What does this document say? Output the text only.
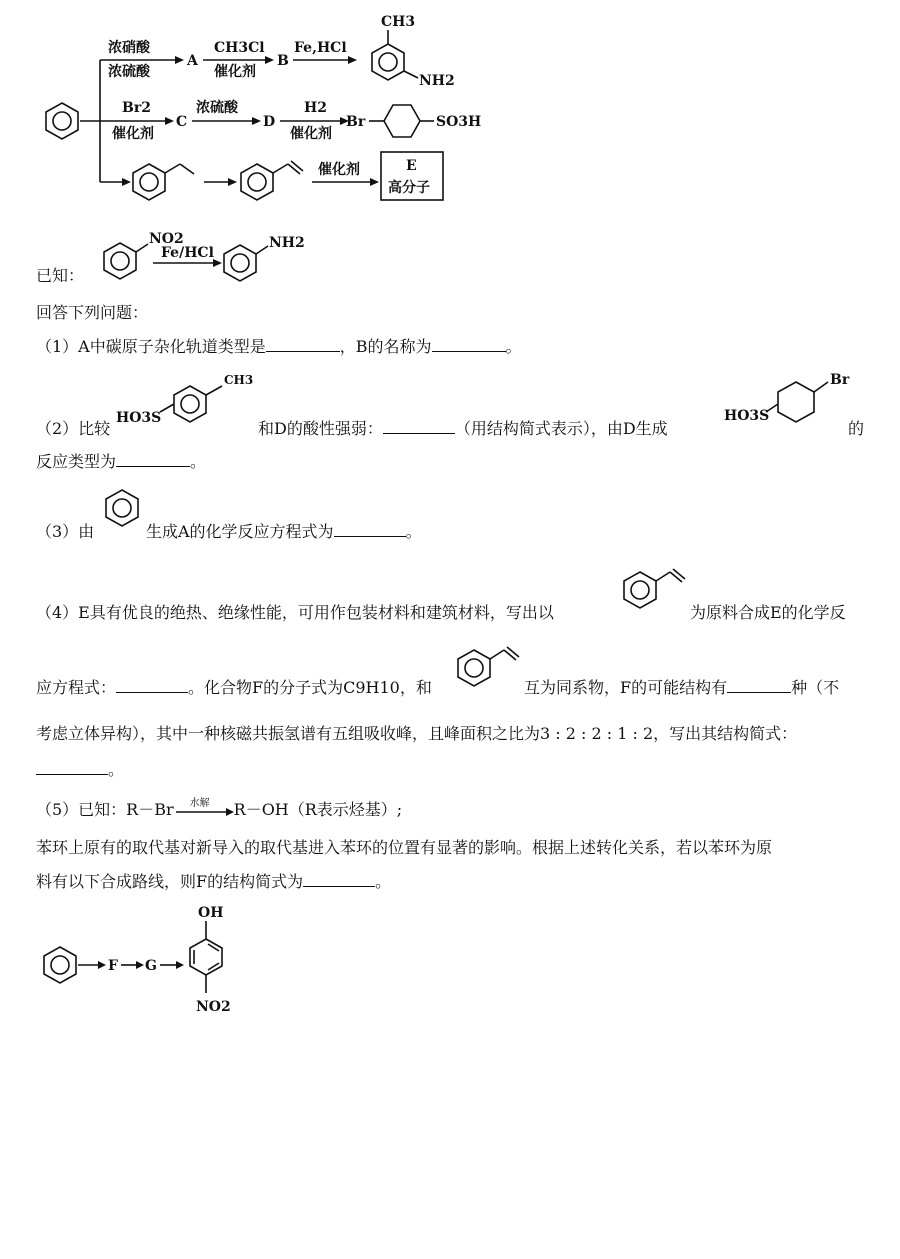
浓硝酸
浓硫酸
A
CH3Cl
催化剂
B
Fe,HCl
CH3
NH2
Br2
催化剂
C
浓硫酸
D
H2
催化剂
Br	SO3H
催化剂	E
高分子
已知：
NO2
Fe/HCl
NH2
回答下列问题：
（1）A中碳原子杂化轨道类型是	，B的名称为	。
（2）比较
HO3S
CH3
和D的酸性强弱：	（用结构简式表示），由D生成
HO3S
Br
的
反应类型为	。
（3）由	生成A的化学反应方程式为	。
（4）E具有优良的绝热、绝缘性能，可用作包装材料和建筑材料，写出以	为原料合成E的化学反
应方程式：	。化合物F的分子式为C9H10，和	互为同系物，F的可能结构有	种（不
考虑立体异构），其中一种核磁共振氢谱有五组吸收峰，且峰面积之比为3 : 2 : 2 : 1 : 2，写出其结构简式：
。
（5）已知：R－Br 水解 R－OH（R表示烃基）;
苯环上原有的取代基对新导入的取代基进入苯环的位置有显著的影响。根据上述转化关系，若以苯环为原
料有以下合成路线，则F的结构简式为	。
F G
OH
NO2
